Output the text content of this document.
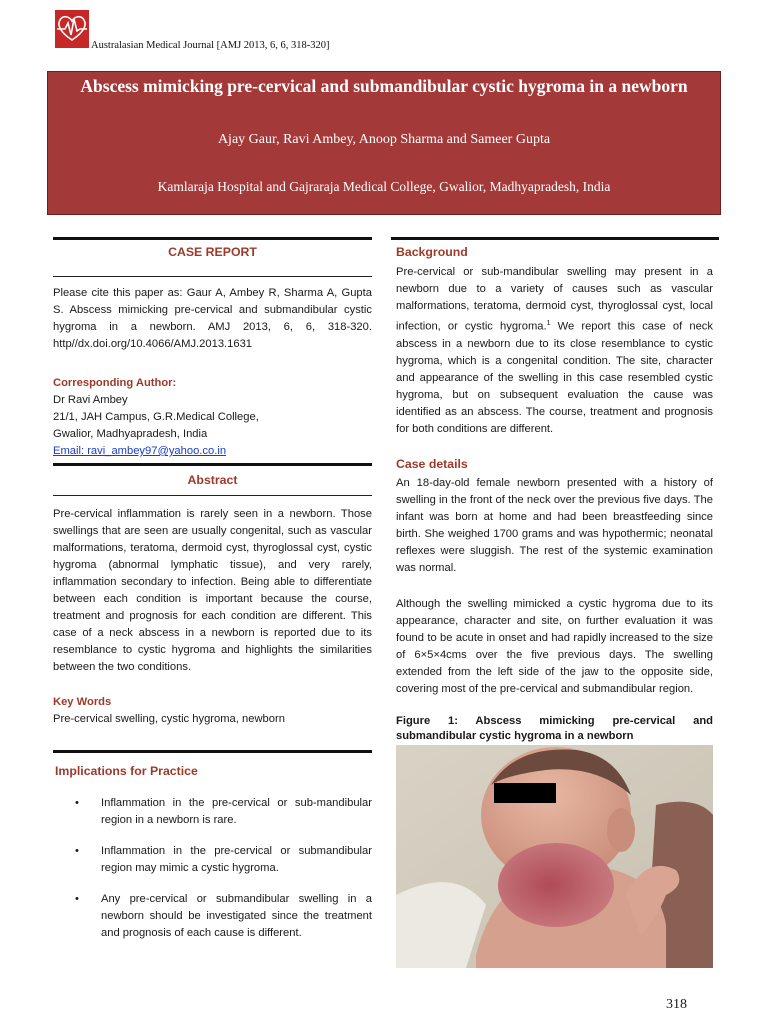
Australasian Medical Journal [AMJ 2013, 6, 6, 318-320]
Abscess mimicking pre-cervical and submandibular cystic hygroma in a newborn
Ajay Gaur, Ravi Ambey, Anoop Sharma and Sameer Gupta
Kamlaraja Hospital and Gajraraja Medical College, Gwalior, Madhyapradesh, India
CASE REPORT

Please cite this paper as: Gaur A, Ambey R, Sharma A, Gupta S. Abscess mimicking pre-cervical and submandibular cystic hygroma in a newborn. AMJ 2013, 6, 6, 318-320. http//dx.doi.org/10.4066/AMJ.2013.1631

Corresponding Author:
Dr Ravi Ambey
21/1, JAH Campus, G.R.Medical College,
Gwalior, Madhyapradesh, India
Email: ravi_ambey97@yahoo.co.in
Abstract

Pre-cervical inflammation is rarely seen in a newborn. Those swellings that are seen are usually congenital, such as vascular malformations, teratoma, dermoid cyst, thyroglossal cyst, cystic hygroma (abnormal lymphatic tissue), and very rarely, inflammation secondary to infection. Being able to differentiate between each condition is important because the course, treatment and prognosis for each condition are different. This case of a neck abscess in a newborn is reported due to its resemblance to cystic hygroma and highlights the similarities between the two conditions.

Key Words
Pre-cervical swelling, cystic hygroma, newborn
Implications for Practice
• Inflammation in the pre-cervical or sub-mandibular region in a newborn is rare.
• Inflammation in the pre-cervical or submandibular region may mimic a cystic hygroma.
• Any pre-cervical or submandibular swelling in a newborn should be investigated since the treatment and prognosis of each cause is different.
Background

Pre-cervical or sub-mandibular swelling may present in a newborn due to a variety of causes such as vascular malformations, teratoma, dermoid cyst, thyroglossal cyst, local infection, or cystic hygroma.$^1$ We report this case of neck abscess in a newborn due to its close resemblance to cystic hygroma, which is a congenital condition. The site, character and appearance of the swelling in this case resembled cystic hygroma, but on subsequent evaluation the cause was identified as an abscess. The course, treatment and prognosis for both conditions are different.

Case details

An 18-day-old female newborn presented with a history of swelling in the front of the neck over the previous five days. The infant was born at home and had been breastfeeding since birth. She weighed 1700 grams and was hypothermic; neonatal reflexes were sluggish. The rest of the systemic examination was normal.

Although the swelling mimicked a cystic hygroma due to its appearance, character and site, on further evaluation it was found to be acute in onset and had rapidly increased to the size of 6×5×4cms over the five previous days. The swelling extended from the left side of the jaw to the opposite side, covering most of the pre-cervical and submandibular region.

Figure 1: Abscess mimicking pre-cervical and submandibular cystic hygroma in a newborn
318
